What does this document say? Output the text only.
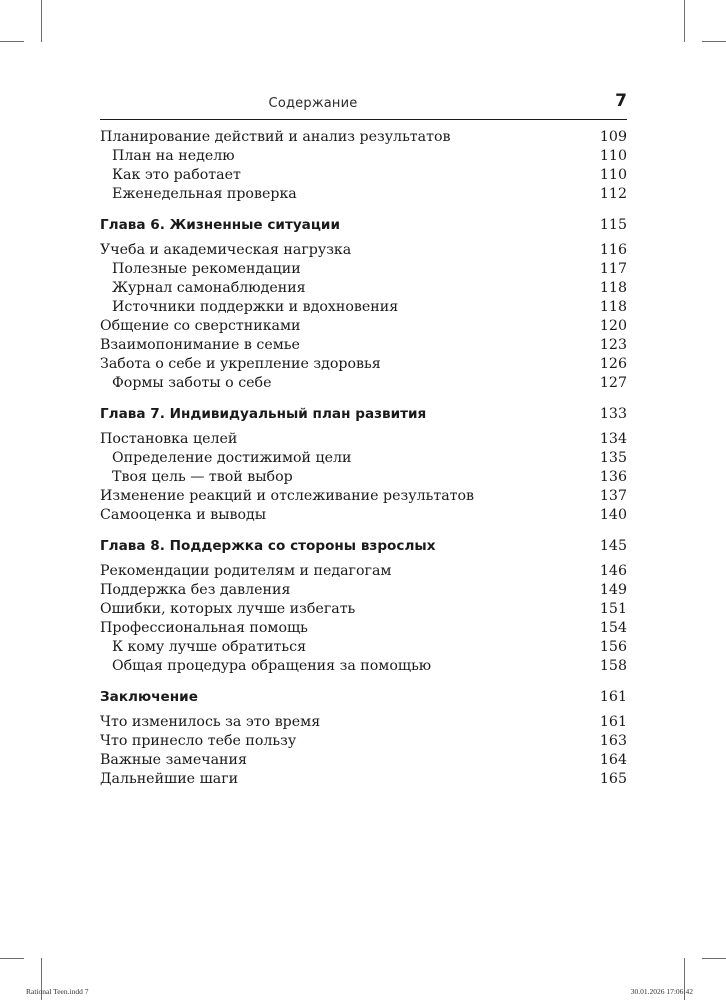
Содержание	7
Планирование действий и анализ результатов	109
План на неделю	110
Как это работает	110
Еженедельная проверка	112
Глава 6. Жизненные ситуации	115
Учеба и академическая нагрузка	116
Полезные рекомендации	117
Журнал самонаблюдения	118
Источники поддержки и вдохновения	118
Общение со сверстниками	120
Взаимопонимание в семье	123
Забота о себе и укрепление здоровья	126
Формы заботы о себе	127
Глава 7. Индивидуальный план развития	133
Постановка целей	134
Определение достижимой цели	135
Твоя цель — твой выбор	136
Изменение реакций и отслеживание результатов	137
Самооценка и выводы	140
Глава 8. Поддержка со стороны взрослых	145
Рекомендации родителям и педагогам	146
Поддержка без давления	149
Ошибки, которых лучше избегать	151
Профессиональная помощь	154
К кому лучше обратиться	156
Общая процедура обращения за помощью	158
Заключение	161
Что изменилось за это время	161
Что принесло тебе пользу	163
Важные замечания	164
Дальнейшие шаги	165
Rational Teen.indd 7	30.01.2026 17:06:42
